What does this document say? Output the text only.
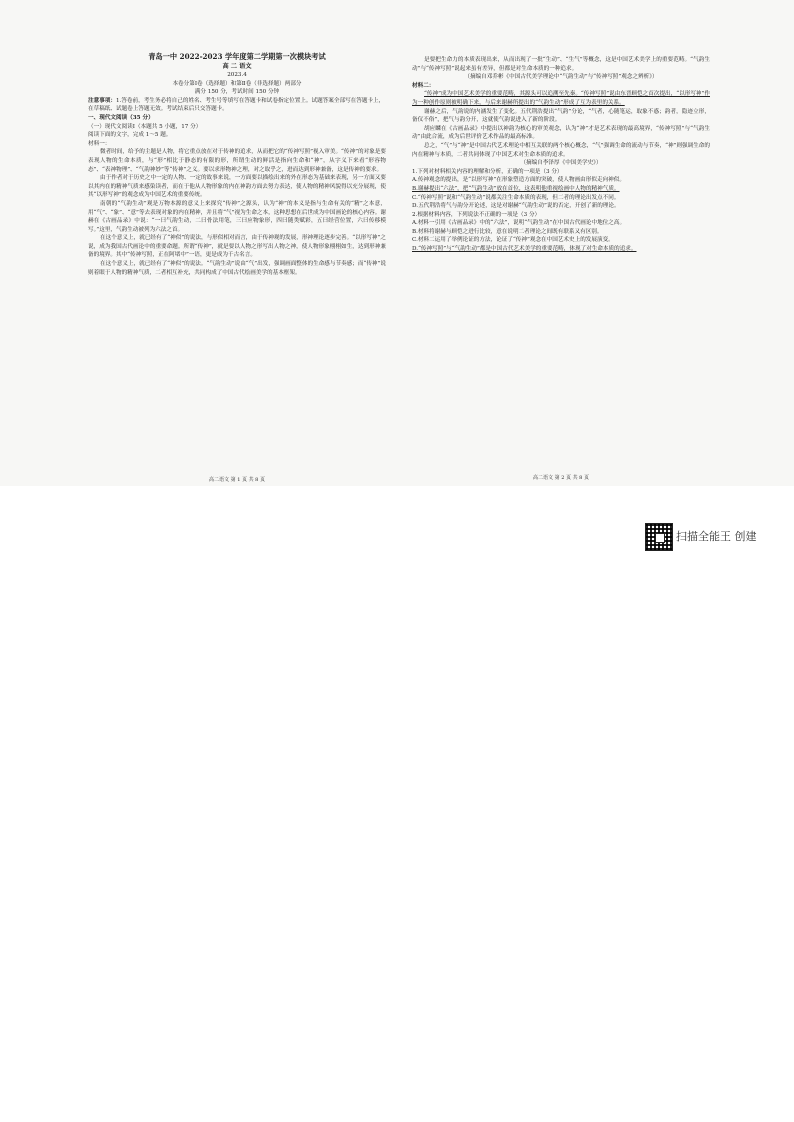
青岛一中 2022-2023 学年度第二学期第一次模块考试
高 二 语文
2023.4
本卷分第Ⅰ卷（选择题）和第Ⅱ卷（非选择题）两部分
满分 150 分，考试时间 150 分钟
注意事项：1.答卷前，考生务必将自己的姓名、考生号等填写在答题卡和试卷指定位置上。试题答案全部写在答题卡上，在草稿纸、试题卷上答题无效。考试结束后只交答题卡。
一、现代文阅读（35 分）
（一）现代文阅读Ⅰ（本题共 5 小题，17 分）
阅读下面的文字，完成 1～5 题。
材料一：

微者时间，给予的主题是人物，将它重点放在对于传神的追求，从而把它的“传神写照”视入审美。“传神”的对象是要表现人物的生命本质，与“形”相比于静态的有限的形，所谓生动的鲜活是指向生命和“神”，从字义下来看“形容物态”、“表神物理”、“气韵神妙”等“传神”之义。要以求形物神之理，对之取乎之，进而达到形神兼备，这是传神的要求。

由于作者对于历史之中一定的人物、一定的故事来说，一方面要以描绘出来的外在形态为基础来表现，另一方面又要以其内在的精神气质来感染读者，而在于他从人物形象的内在神韵方面去努力表达，使人物的精神风貌得以充分展现，使其“以形写神”的观念成为中国艺术的重要传统。

南朝的“气韵生动”观是万物本源的意义上来探究“传神”之源头，认为“神”的本义是指与生命有关的“精”之本意，用“气”、“象”、“意”等去表现对象的内在精神，并且将“气”视为生命之本，这种思想在后世成为中国画论的核心内容。谢赫在《古画品录》中说：“一曰气韵生动，二曰骨法用笔，三曰应物象形，四曰随类赋彩，五曰经营位置，六曰传移模写。”这里，气韵生动被列为六法之首。

在这个意义上，就已经有了“神似”的说法，与形似相对而言，由于传神观的发展，形神理论逐步完善。“以形写神”之说，成为我国古代画论中的重要命题。所谓“传神”，就是要以人物之形写出人物之神，使人物形象栩栩如生，达到形神兼备的境界。其中“传神写照，正在阿堵中”一语，更是成为千古名言。

在这个意义上，就已经有了“神似”的说法。“气韵生动”说由“气”出发，强调画面整体的生命感与节奏感；而“传神”说则着眼于人物的精神气质，二者相互补充，共同构成了中国古代绘画美学的基本框架。

高二语文 第 1 页 共 8 页

是要把生命力的本质表现出来，从而出现了一批“生动”、“生气”等概念，这是中国艺术美学上的重要范畴。“气韵生动”与“传神写照”说起来虽有差异，但都是对生命本质的一种追求。

（摘编自邓乔彬《中国古代美学理论中“气韵生动”与“传神写照”观念之辨析》）
材料二：

“传神”成为中国艺术美学的重要范畴，其源头可以追溯至先秦。“传神写照”说由东晋顾恺之首次提出，“以形写神”作为一种创作原则被明确下来，与后来谢赫所提出的“气韵生动”形成了互为表里的关系。

谢赫之后，气韵说的内涵发生了变化。五代荆浩提出“气韵”分论，“气者，心随笔运，取象不惑；韵者，隐迹立形，备仪不俗”，把气与韵分开，这就使气韵说进入了新的阶段。

胡应麟在《古画品录》中提出以神韵为核心的审美观念，认为“神”才是艺术表现的最高境界，“传神写照”与“气韵生动”由此合流，成为后世评价艺术作品的最高标准。

总之，“气”与“神”是中国古代艺术理论中相互关联的两个核心概念，“气”强调生命的流动与节奏，“神”则强调生命的内在精神与本质，二者共同体现了中国艺术对生命本质的追求。

（摘编自李泽厚《中国美学史》）
1.下列对材料相关内容的理解和分析，正确的一项是（3 分）
A.传神观念的提出，是“以形写神”在形象塑造方面的突破，使人物画由形似走向神似。
B.谢赫提出“六法”，把“气韵生动”放在首位，这表明他重视绘画中人物的精神气质。
C.“传神写照”说和“气韵生动”说都关注生命本质的表现，但二者的理论出发点不同。
D.五代荆浩将气与韵分开论述，这是对谢赫“气韵生动”说的否定，开创了新的理论。
2.根据材料内容，下列说法不正确的一项是（3 分）
A.材料一引用《古画品录》中的“六法”，说明“气韵生动”在中国古代画论中地位之高。
B.材料将谢赫与顾恺之进行比较，意在说明二者理论之间既有联系又有区别。
C.材料二运用了举例论证的方法，论证了“传神”观念在中国艺术史上的发展演变。
D.“传神写照”与“气韵生动”都是中国古代艺术美学的重要范畴，体现了对生命本质的追求。
高二语文 第 2 页 共 8 页
扫描全能王 创建
